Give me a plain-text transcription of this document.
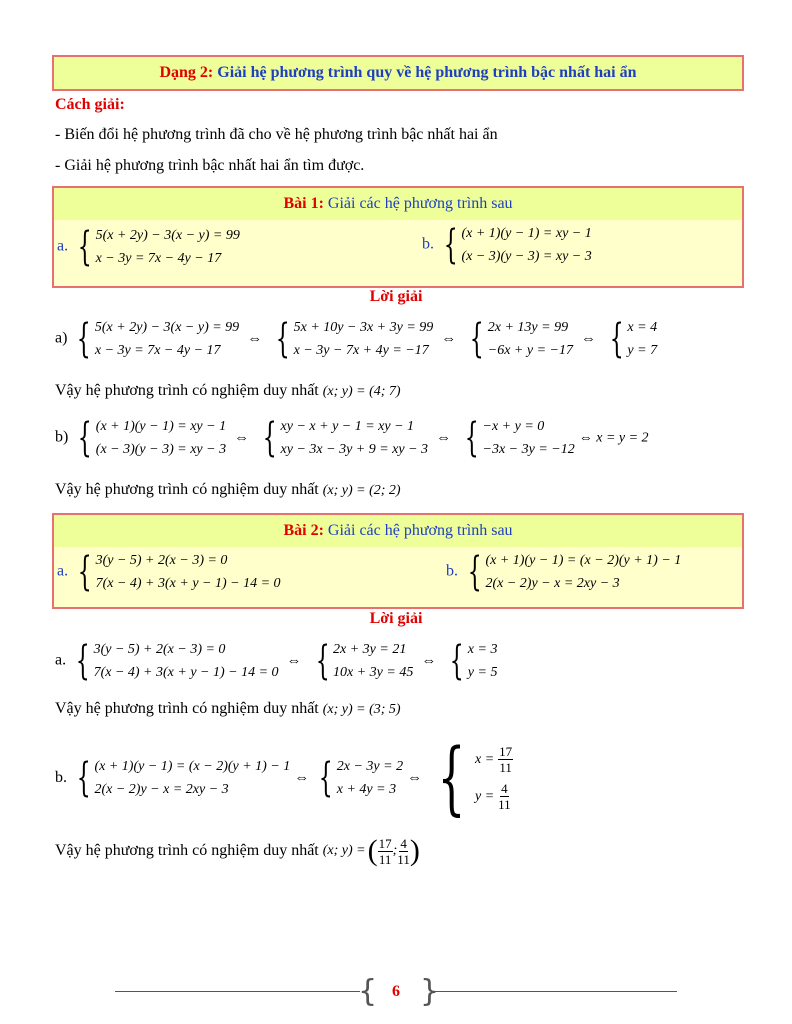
Dạng 2: Giải hệ phương trình quy về hệ phương trình bậc nhất hai ẩn
Cách giải:
- Biến đổi hệ phương trình đã cho về hệ phương trình bậc nhất hai ẩn
- Giải hệ phương trình bậc nhất hai ẩn tìm được.
Bài 1: Giải các hệ phương trình sau
a. { 5(x + 2y) − 3(x − y) = 99
x − 3y = 7x − 4y − 17
b. { (x + 1)(y − 1) = xy − 1
(x − 3)(y − 3) = xy − 3
Lời giải
a) { 5(x + 2y) − 3(x − y) = 99
x − 3y = 7x − 4y − 17
⇔ { 5x + 10y − 3x + 3y = 99
x − 3y − 7x + 4y = −17
⇔ { 2x + 13y = 99
−6x + y = −17
⇔ { x = 4
y = 7
Vậy hệ phương trình có nghiệm duy nhất (x; y) = (4; 7)
b) { (x + 1)(y − 1) = xy − 1
(x − 3)(y − 3) = xy − 3
⇔ { xy − x + y − 1 = xy − 1
xy − 3x − 3y + 9 = xy − 3
⇔ { −x + y = 0
−3x − 3y = −12
⇔ x = y = 2
Vậy hệ phương trình có nghiệm duy nhất (x; y) = (2; 2)
Bài 2: Giải các hệ phương trình sau
a. { 3(y − 5) + 2(x − 3) = 0
7(x − 4) + 3(x + y − 1) − 14 = 0
b. { (x + 1)(y − 1) = (x − 2)(y + 1) − 1
2(x − 2)y − x = 2xy − 3
Lời giải
a. { 3(y − 5) + 2(x − 3) = 0
7(x − 4) + 3(x + y − 1) − 14 = 0
⇔ { 2x + 3y = 21
10x + 3y = 45
⇔ { x = 3
y = 5
Vậy hệ phương trình có nghiệm duy nhất (x; y) = (3; 5)
b. { (x + 1)(y − 1) = (x − 2)(y + 1) − 1
2(x − 2)y − x = 2xy − 3
⇔ { 2x − 3y = 2
x + 4y = 3
⇔ { x =
$\frac{17}{11}$
y =
$\frac{4}{11}$
Vậy hệ phương trình có nghiệm duy nhất
(x; y) = ( $\frac{17}{11}$ ; $\frac{4}{11}$ )
{ }
6
